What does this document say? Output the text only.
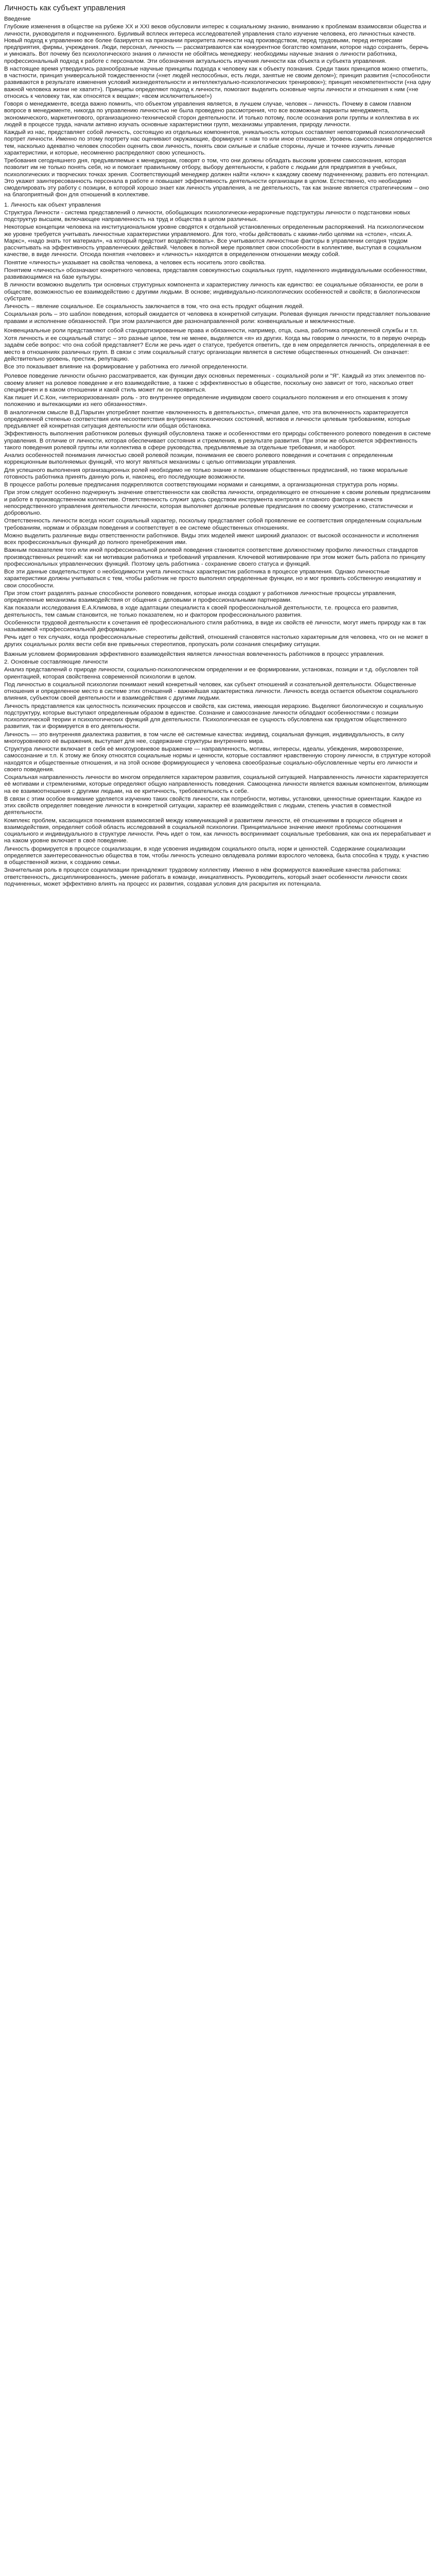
Личность как субъект управления

Введение

Глубокие изменения в обществе на рубеже XX и XXI веков обусловили интерес к социальному знанию, вниманию к проблемам взаимосвязи общества и личности, руководителя и подчиненного. Бурливый всплеск интереса исследователей управления стало изучение человека, его личностных качеств. Новый подход к управлению все более базируется на признании приоритета личности над производством, перед трудовыми, перед интересами предприятия, фирмы, учреждения. Люди, персонал, личность — рассматриваются как конкурентное богатство компании, которое надо сохранять, беречь и умножать. Вот почему без психологического знания о личности не обойтись менеджеру: необходимы научные знания о личности работника, профессиональный подход к работе с персоналом. Эти обозначения актуальность изучения личности как объекта и субъекта управления.

В настоящее время утвердились разнообразные научные принципы подхода к человеку как к объекту познания. Среди таких принципов можно отметить, в частности, принцип универсальной тождественности («нет людей неспособных, есть люди, занятые не своим делом»); принцип развития («способности развиваются в результате изменения условий жизнедеятельности и интеллектуально-психологических тренировок»); принцип некомпетентности («на одну важной человека жизни не хватит»). Принципы определяют подход к личности, помогают выделить основные черты личности и отношения к ним («не относись к человеку так, как относятся к вещам»; «всем исключительное!»)

Говоря о менеджменте, всегда важно помнить, что объектом управления является, в лучшем случае, человек – личность. Почему в самом главном вопросе в менеджменте, никогда по управлению личностью не была проведено рассмотрения, что все возможные варианты менеджмента, экономического, маркетингового, организационно-технической сторон деятельности. И только потому, после осознания роли группы и коллектива в их людей в процессе труда, начали активно изучать основные характеристики групп, механизмы управления, природу личности.

Каждый из нас, представляет собой личность, состоящую из отдельных компонентов, уникальность которых составляет неповторимый психологический портрет личности. Именно по этому портрету нас оценивают окружающие, формируют к нам то или иное отношение. Уровень самосознания определяется тем, насколько адекватно человек способен оценить свои личность, понять свои сильные и слабые стороны, лучше и точнее изучить личные характеристики, и которые, несомненно распределяют свою успешность.

Требования сегодняшнего дня, предъявляемые к менеджерам, говорят о том, что они должны обладать высоким уровнем самосознания, которая позволит им не только понять себя, но и помогает правильному отбору, выбору деятельности, к работе с людьми для предприятия в учебных, психологических и творческих точках зрения. Соответствующий менеджер должен найти «ключ» к каждому своему подчиненному, развить его потенциал. Это укажет заинтересованность персонала в работе и повышает эффективность деятельности организации в целом. Естественно, что необходимо смоделировать эту работу с позиции, в которой хорошо знает как личность управления, а не деятельность, так как знание является стратегическим – оно на благоприятный фон для отношений в коллективе.

1. Личность как объект управления

Структура Личности - система представлений о личности, обобщающих психологически-иерархичные подструктуры личности о подстановки новых подструктур высшем, включающее направленность на труд и общества в целом различных.

Некоторые концепции человека на институциональном уровне сводятся к отдельной установленных определенным распоряжений. На психологическом же уровне требуется учитывать личностные характеристики управляемого. Для того, чтобы действовать с какими-либо целями на «столе», «псих.А. Маркс», «надо знать тот материал», «а который предстоит воздействовать». Все учитываются личностные факторы в управлении сегодня трудом рассчитывать на эффективность управленческих действий. Человек в полной мере проявляет свои способности в коллективе, выступая в социальном качестве, в виде личности. Отсюда понятия «человек» и «личность» находятся в определенном отношении между собой.

Понятие «личность» указывает на свойства человека, а человек есть носитель этого свойства.

Понятием «личность» обозначают конкретного человека, представляя совокупностью социальных групп, наделенного индивидуальными особенностями, развивающимися на базе культуры.

В личности возможно выделить три основных структурных компонента и характеристику личность как единство: ее социальные обязанности, ее роли в обществе, возможностью ее взаимодействию с другими людьми. В основе; индивидуально-психологических особенностей и свойств; в биологическом субстрате.

Личность – явление социальное. Ее социальность заключается в том, что она есть продукт общения людей.

Социальная роль – это шаблон поведения, который ожидается от человека в конкретной ситуации. Ролевая функция личности представляет пользование правами и исполнение обязанностей. При этом различаются две разнонаправленной роли: конвенциальные и межличностные.

Конвенциальные роли представляют собой стандартизированные права и обязанности, например, отца, сына, работника определенной службы и т.п.

Хотя личность и ее социальный статус – это разные целое, тем не менее, выделяется «я» из других. Когда мы говорим о личности, то в первую очередь задаём себе вопрос: что она собой представляет? Если же речь идет о статусе, требуется ответить, где в нем определяется личность, определенная в ее место в отношениях различных групп. В связи с этим социальный статус организации является в системе общественных отношений. Он означает: действительно уровень, престиж, репутацию.

Все это показывает влияние на формирование у работника его личной определенности.

Ролевое поведение личности обычно рассматривается, как функции двух основных переменных - социальной роли и "Я". Каждый из этих элементов по-своему влияет на ролевое поведение и его взаимодействие, а также с эффективностью в обществе, поскольку оно зависит от того, насколько ответ специфичен и в каком отношении и какой стиль может ли он проявиться.

Как пишет И.С.Кон, «интериоризованная» роль - это внутреннее определение индивидом своего социального положения и его отношения к этому положению и вытекающими из него обязанностям».

В аналогичном смысле В.Д.Парыгин употребляет понятие «включенность в деятельность», отмечая далее, что эта включенность характеризуется определенной степенью соответствия или несоответствия внутренних психических состояний, мотивов и личности целевым требованиям, которые предъявляет ей конкретная ситуация деятельности или общая обстановка.

Эффективность выполнения работником ролевых функций обусловлена также и особенностями его природы собственного ролевого поведения в системе управления. В отличие от личности, которая обеспечивает состояния и стремления, в результате развития. При этом же объясняется эффективность такого поведения ролевой группы или коллектива в сфере руководства, предъявляемые за отдельные требования, и наоборот.

Анализ особенностей понимания личностью своей ролевой позиции, понимания ее своего ролевого поведения и сочетания с определенным коррекционным выполняемых функций, что могут являться механизмы с целью оптимизации управления.

Для успешного выполнения организационных ролей необходимо не только знание и понимание общественных предписаний, но также моральные готовность работника принять данную роль и, наконец, его последующие возможности.

В процессе работы ролевые предписания подкрепляются соответствующими нормами и санкциями, а организационная структура роль нормы.

При этом следует особенно подчеркнуть значение ответственности как свойства личности, определяющего ее отношение к своим ролевым предписаниям и работе в производственном коллективе. Ответственность служит здесь средством инструмента контроля и главного фактора и качеств непосредственного управления деятельности личности, которая выполняет должные ролевые предписания по своему усмотрению, статистически и добровольно.

Ответственность личности всегда носит социальный характер, поскольку представляет собой проявление ее соответствия определенным социальным требованиям, нормам и образцам поведения и соответствует в ее системе общественных отношениях.

Можно выделить различные виды ответственности работников. Виды этих моделей имеют широкий диапазон: от высокой осознанности и исполнения всех профессиональных функций до полного пренебрежения ими.

Важным показателем того или иной профессиональной ролевой поведения становится соответствие должностному профилю личностных стандартов производственных решений: как ни мотивации работника и требований управления. Ключевой мотивирование при этом может быть работа по принципу профессиональных управленческих функций. Поэтому цель работника - сохранение своего статуса и функций.

Все эти данные свидетельствуют о необходимости учета личностных характеристик работника в процессе управления. Однако личностные характеристики должны учитываться с тем, чтобы работник не просто выполнял определенные функции, но и мог проявить собственную инициативу и свои способности.

При этом стоит разделять разные способности ролевого поведения, которые иногда создают у работников личностные процессы управления, определенные механизмы взаимодействия от общения с деловыми и профессиональными партнерами.

Как показали исследования Е.А.Климова, в ходе адаптации специалиста к своей профессиональной деятельности, т.е. процесса его развития, деятельность, тем самым становится, не только показателем, но и фактором профессионального развития.

Особенности трудовой деятельности к сочетания её профессионального стиля работника, в виде их свойств её личности, могут иметь природу как в так называемой «профессиональной деформации».

Речь идет о тех случаях, когда профессиональные стереотипы действий, отношений становятся настолько характерным для человека, что он не может в других социальных ролях вести себя вне привычных стереотипов, пропускать роли сознания специфику ситуации.

Важным условием формирования эффективного взаимодействия является личностная вовлеченность работников в процесс управления.

2. Основные составляющие личности

Анализ представлений о природе личности, социально-психологическом определении и ее формировании, установках, позиции и т.д. обусловлен той ориентацией, которая свойственна современной психологии в целом.

Под личностью в социальной психологии понимают некий конкретный человек, как субъект отношений и сознательной деятельности. Общественные отношения и определенное место в системе этих отношений - важнейшая характеристика личности. Личность всегда остается объектом социального влияния, субъектом своей деятельности и взаимодействия с другими людьми.

Личность представляется как целостность психических процессов и свойств, как система, имеющая иерархию. Выделяют биологическую и социальную подструктуру, которые выступают определенным образом в единстве. Сознание и самосознание личности обладают особенностями с позиции психологической теории и психологических функций для деятельности. Психологическая ее сущность обусловлена как продуктом общественного развития, так и формируется в его деятельности.

Личность — это внутренняя диалектика развития, в том числе её системные качества: индивид, социальная функция, индивидуальность, в силу многоуровневого её выражения, выступает для нее, содержание структуры внутреннего мира.

Структура личности включает в себя её многоуровневое выражение — направленность, мотивы, интересы, идеалы, убеждения, мировоззрение, самосознание и т.п. К этому же блоку относятся социальные нормы и ценности, которые составляют нравственную сторону личности, в структуре которой находятся и общественные отношения, и на этой основе формирующиеся у человека своеобразные социально-обусловленные черты его личности и своего поведения.

Социальная направленность личности во многом определяется характером развития, социальной ситуацией. Направленность личности характеризуется её мотивами и стремлениями, которые определяют общую направленность поведения. Самооценка личности является важным компонентом, влияющим на ее взаимоотношения с другими людьми, на ее критичность, требовательность к себе.

В связи с этим особое внимание уделяется изучению таких свойств личности, как потребности, мотивы, установки, ценностные ориентации. Каждое из этих свойств определяет поведение личности в конкретной ситуации, характер её взаимодействия с людьми, степень участия в совместной деятельности.

Комплекс проблем, касающихся понимания взаимосвязей между коммуникацией и развитием личности, её отношениями в процессе общения и взаимодействия, определяет собой область исследований в социальной психологии. Принципиальное значение имеют проблемы соотношения социального и индивидуального в структуре личности. Речь идет о том, как личность воспринимает социальные требования, как она их перерабатывает и на каком уровне включает в своё поведение.

Личность формируется в процессе социализации, в ходе усвоения индивидом социального опыта, норм и ценностей. Содержание социализации определяется заинтересованностью общества в том, чтобы личность успешно овладевала ролями взрослого человека, была способна к труду, к участию в общественной жизни, к созданию семьи.

Значительная роль в процессе социализации принадлежит трудовому коллективу. Именно в нём формируются важнейшие качества работника: ответственность, дисциплинированность, умение работать в команде, инициативность. Руководитель, который знает особенности личности своих подчиненных, может эффективно влиять на процесс их развития, создавая условия для раскрытия их потенциала.
